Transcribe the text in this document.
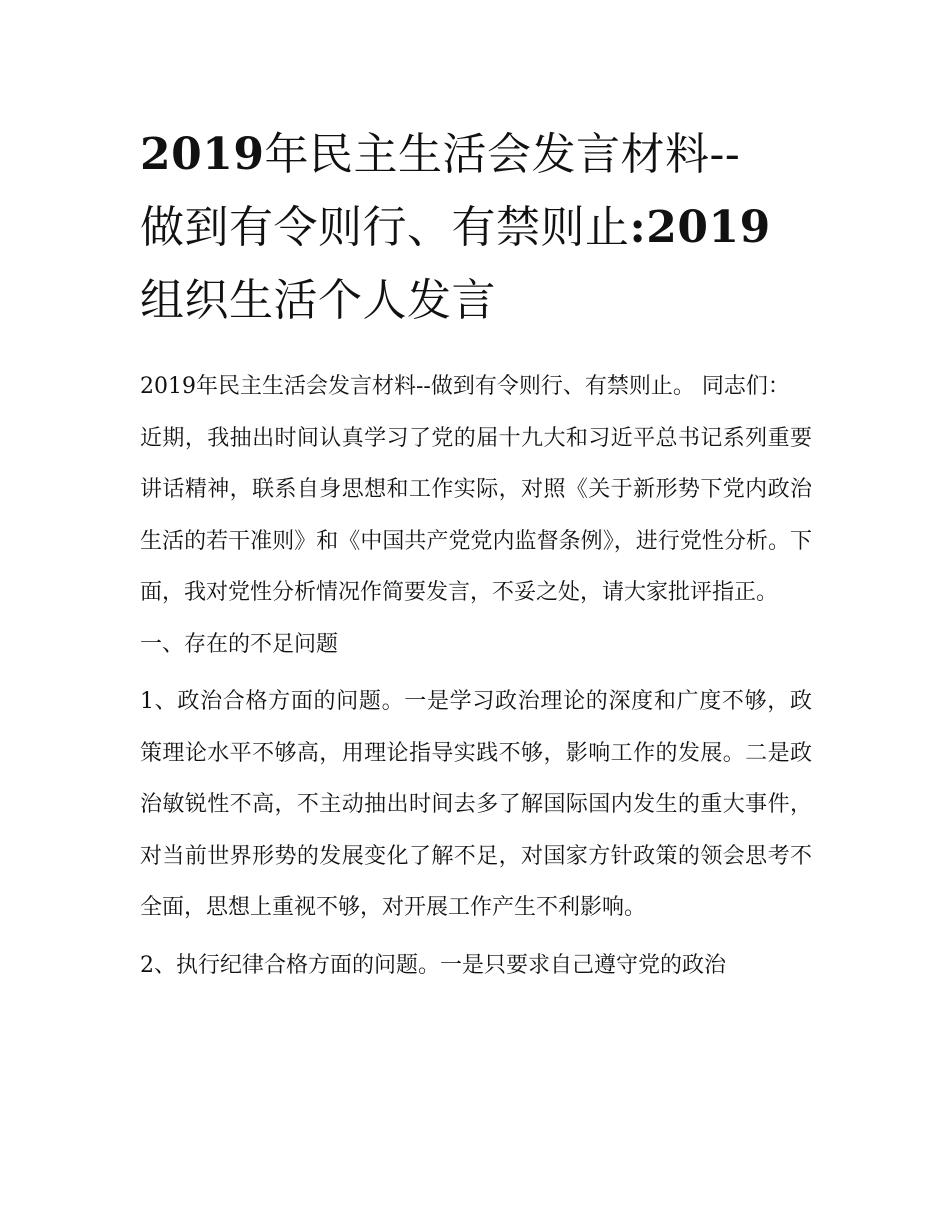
2019年民主生活会发言材料--
做到有令则行、有禁则止:2019
组织生活个人发言

2019年民主生活会发言材料--做到有令则行、有禁则止。 同志们：

近期，我抽出时间认真学习了党的届十九大和习近平总书记系列重要讲话精神，联系自身思想和工作实际，对照《关于新形势下党内政治生活的若干准则》和《中国共产党党内监督条例》，进行党性分析。下面，我对党性分析情况作简要发言，不妥之处，请大家批评指正。

一、存在的不足问题

1、政治合格方面的问题。一是学习政治理论的深度和广度不够，政策理论水平不够高，用理论指导实践不够，影响工作的发展。二是政治敏锐性不高，不主动抽出时间去多了解国际国内发生的重大事件，对当前世界形势的发展变化了解不足，对国家方针政策的领会思考不全面，思想上重视不够，对开展工作产生不利影响。

2、执行纪律合格方面的问题。一是只要求自己遵守党的政治
